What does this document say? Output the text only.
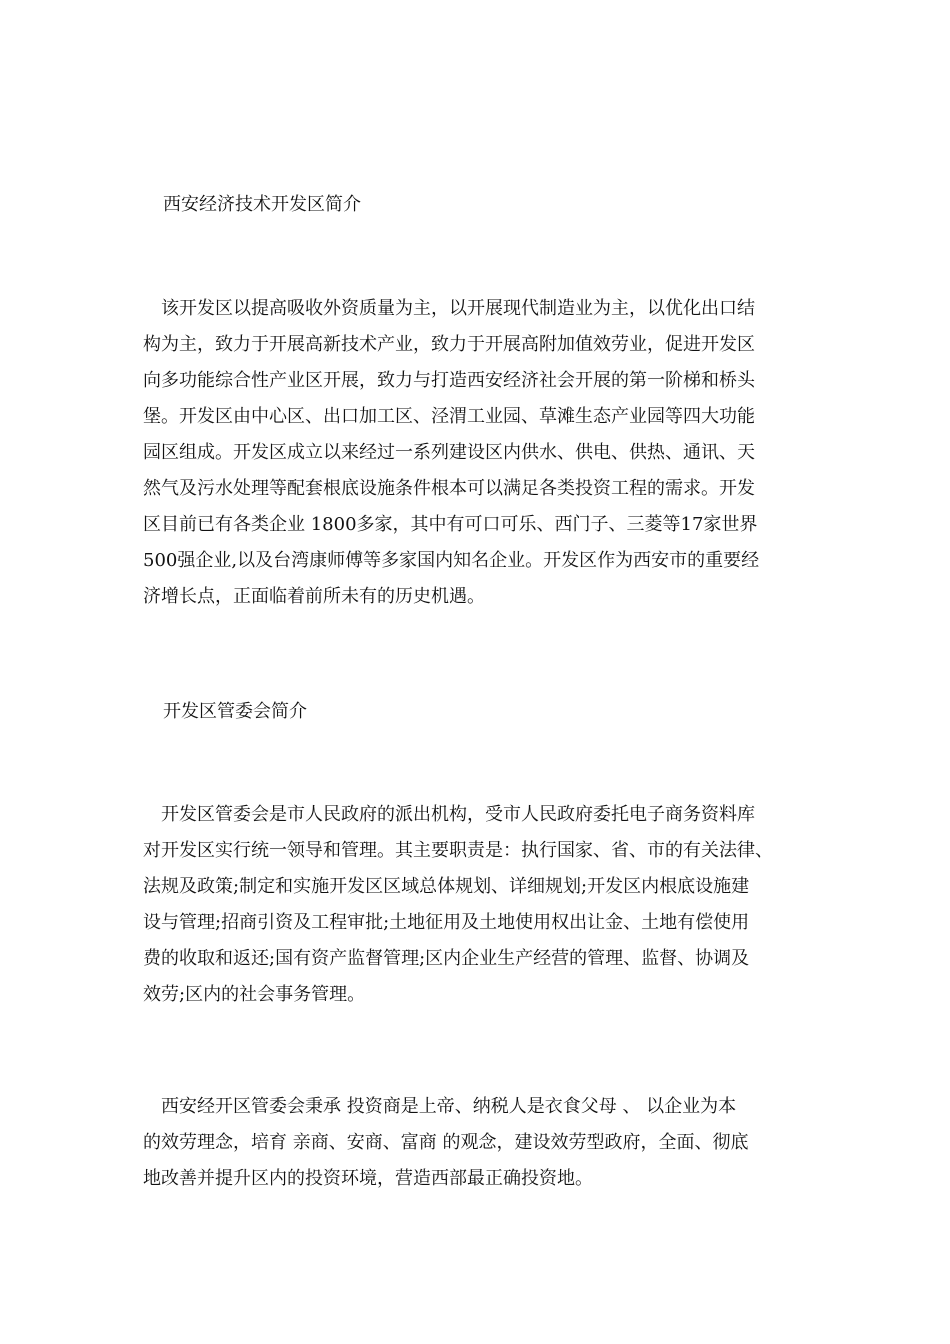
西安经济技术开发区简介
　该开发区以提高吸收外资质量为主，以开展现代制造业为主，以优化出口结
构为主，致力于开展高新技术产业，致力于开展高附加值效劳业，促进开发区
向多功能综合性产业区开展，致力与打造西安经济社会开展的第一阶梯和桥头
堡。开发区由中心区、出口加工区、泾渭工业园、草滩生态产业园等四大功能
园区组成。开发区成立以来经过一系列建设区内供水、供电、供热、通讯、天
然气及污水处理等配套根底设施条件根本可以满足各类投资工程的需求。开发
区目前已有各类企业 1800多家，其中有可口可乐、西门子、三菱等17家世界
500强企业,以及台湾康师傅等多家国内知名企业。开发区作为西安市的重要经
济增长点，正面临着前所未有的历史机遇。
开发区管委会简介
　开发区管委会是市人民政府的派出机构，受市人民政府委托电子商务资料库
对开发区实行统一领导和管理。其主要职责是：执行国家、省、市的有关法律、
法规及政策;制定和实施开发区区域总体规划、详细规划;开发区内根底设施建
设与管理;招商引资及工程审批;土地征用及土地使用权出让金、土地有偿使用
费的收取和返还;国有资产监督管理;区内企业生产经营的管理、监督、协调及
效劳;区内的社会事务管理。
　西安经开区管委会秉承 投资商是上帝、纳税人是衣食父母 、 以企业为本
的效劳理念，培育 亲商、安商、富商 的观念，建设效劳型政府，全面、彻底
地改善并提升区内的投资环境，营造西部最正确投资地。
